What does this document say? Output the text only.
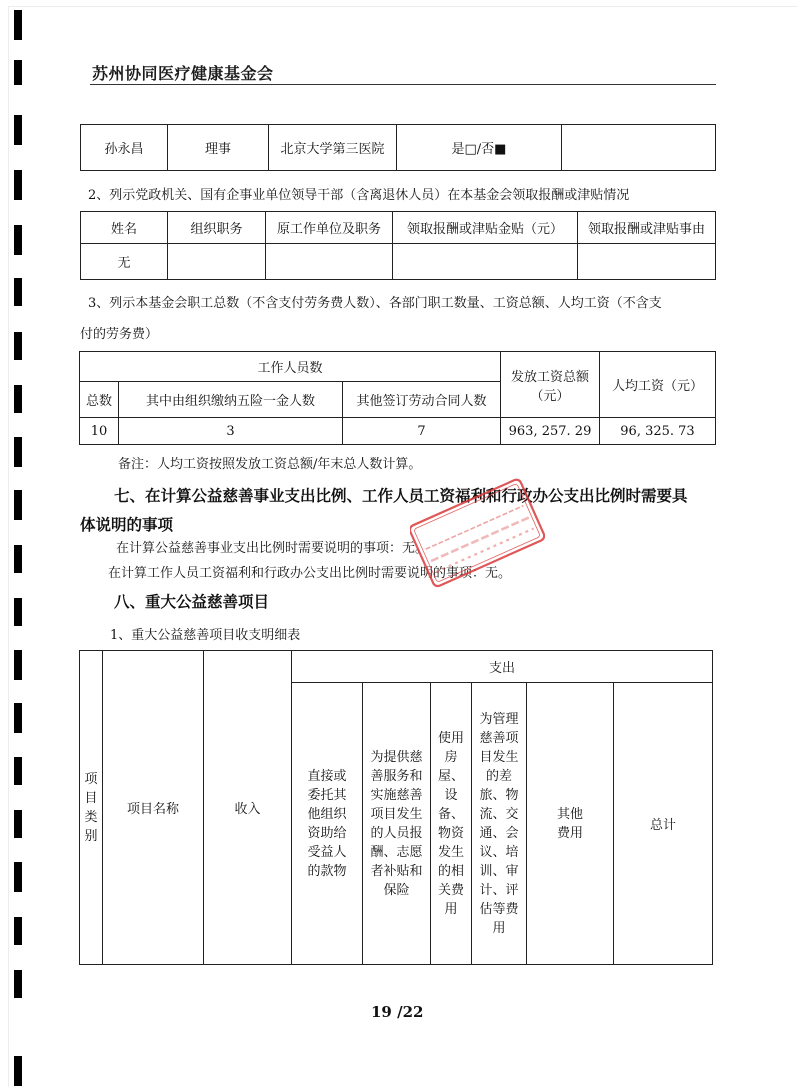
苏州协同医疗健康基金会
孙永昌	理事	北京大学第三医院	是□/否■	
2、列示党政机关、国有企事业单位领导干部（含离退休人员）在本基金会领取报酬或津贴情况
姓名	组织职务	原工作单位及职务	领取报酬或津贴金贴（元）	领取报酬或津贴事由
无				
3、列示本基金会职工总数（不含支付劳务费人数）、各部门职工数量、工资总额、人均工资（不含支
付的劳务费）
工作人员数			发放工资总额（元）	人均工资（元）
总数	其中由组织缴纳五险一金人数	其他签订劳动合同人数		
10	3	7	963, 257. 29	96, 325. 73
备注：人均工资按照发放工资总额/年末总人数计算。
七、在计算公益慈善事业支出比例、工作人员工资福利和行政办公支出比例时需要具
体说明的事项
在计算公益慈善事业支出比例时需要说明的事项：无。
在计算工作人员工资福利和行政办公支出比例时需要说明的事项：无。
八、重大公益慈善项目
1、重大公益慈善项目收支明细表
项目类别	项目名称	收入	支出					

			直接或委托其他组织资助给受益人的款物	为提供慈善服务和实施慈善项目发生的人员报酬、志愿者补贴和保险	使用房屋、设备、物资发生的相关费用	为管理慈善项目发生的差旅、物流、交通、会议、培训、审计、评估等费用	其他费用	总计
19 /22
